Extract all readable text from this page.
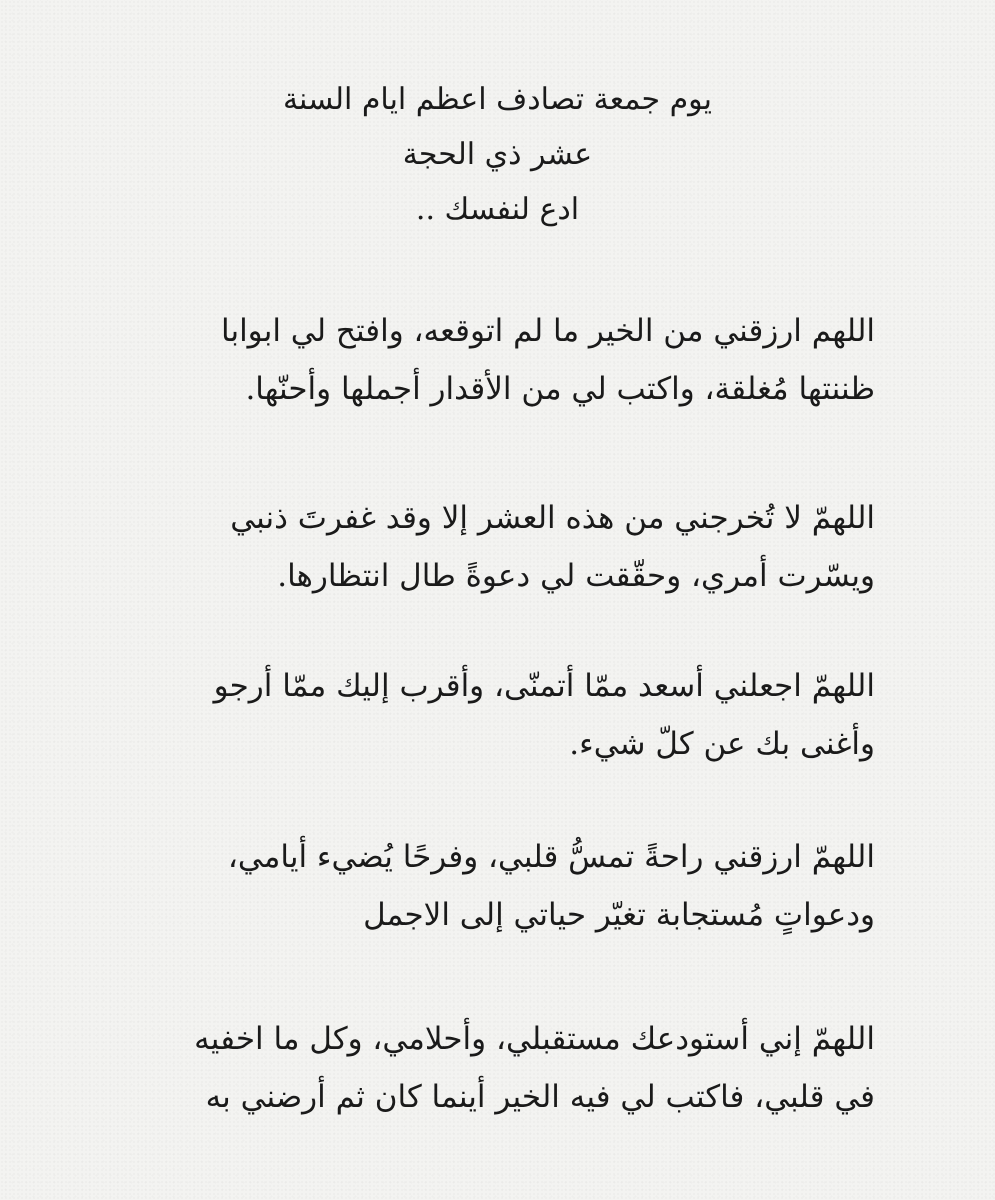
يوم جمعة تصادف اعظم ايام السنة
عشر ذي الحجة
ادع لنفسك ..
اللهم ارزقني من الخير ما لم اتوقعه، وافتح لي ابوابا
ظننتها مُغلقة، واكتب لي من الأقدار أجملها وأحنّها.
اللهمّ لا تُخرجني من هذه العشر إلا وقد غفرتَ ذنبي
ويسّرت أمري، وحقّقت لي دعوةً طال انتظارها.
اللهمّ اجعلني أسعد ممّا أتمنّى، وأقرب إليك ممّا أرجو
وأغنى بك عن كلّ شيء.
اللهمّ ارزقني راحةً تمسُّ قلبي، وفرحًا يُضيء أيامي،
ودعواتٍ مُستجابة تغيّر حياتي إلى الاجمل
اللهمّ إني أستودعك مستقبلي، وأحلامي، وكل ما اخفيه
في قلبي، فاكتب لي فيه الخير أينما كان ثم أرضني به
